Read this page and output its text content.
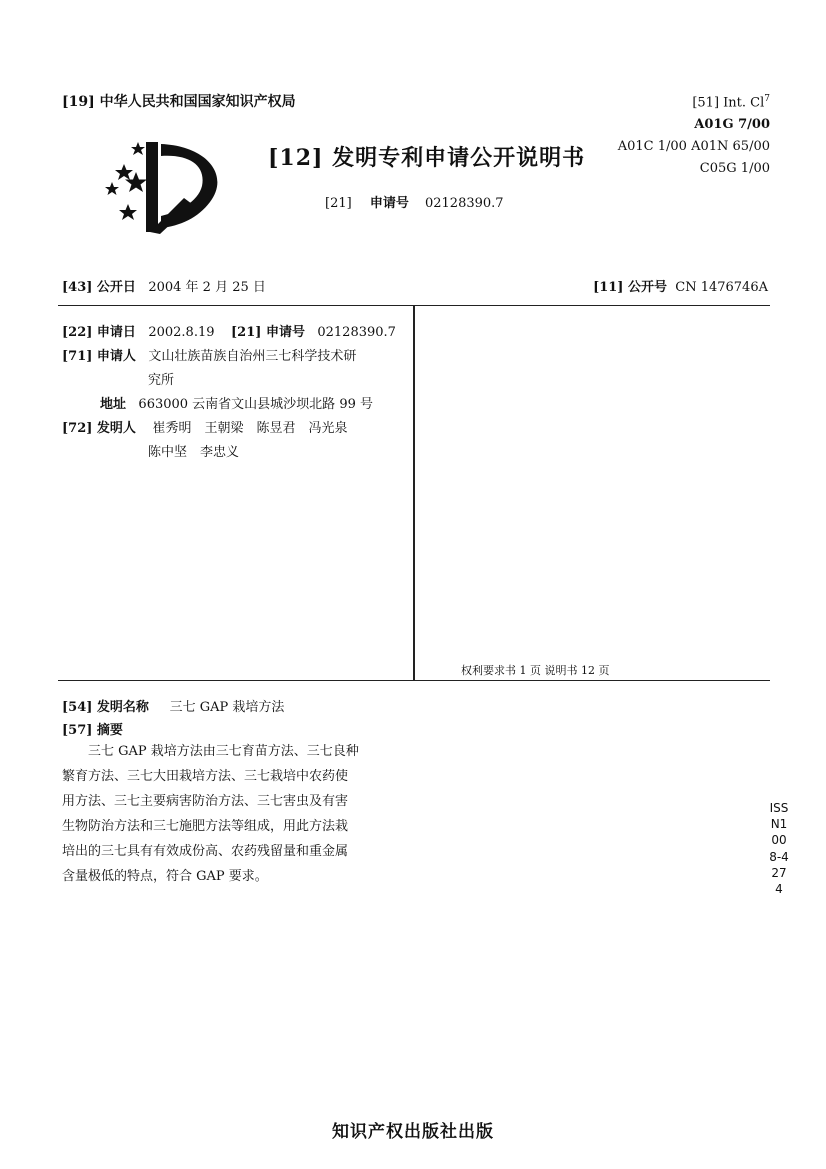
[19] 中华人民共和国国家知识产权局
[12] 发明专利申请公开说明书
[21] 申请号 02128390.7
[51] Int. Cl$^7$
A01G 7/00
A01C 1/00 A01N 65/00
C05G 1/00
[43] 公开日 2004 年 2 月 25 日	[11] 公开号 CN 1476746A
[22] 申请日 2002.8.19 [21] 申请号 02128390.7
[71] 申请人 文山壮族苗族自治州三七科学技术研
究所
地址 663000 云南省文山县城沙坝北路 99 号
[72] 发明人 崔秀明　王朝梁　陈昱君　冯光泉
陈中坚　李忠义
权利要求书 1 页 说明书 12 页
[54] 发明名称 三七 GAP 栽培方法
[57] 摘要

三七 GAP 栽培方法由三七育苗方法、三七良种

繁育方法、三七大田栽培方法、三七栽培中农药使

用方法、三七主要病害防治方法、三七害虫及有害

生物防治方法和三七施肥方法等组成，用此方法栽

培出的三七具有有效成份高、农药残留量和重金属

含量极低的特点，符合 GAP 要求。

ISSN1008-4274
知识产权出版社出版
